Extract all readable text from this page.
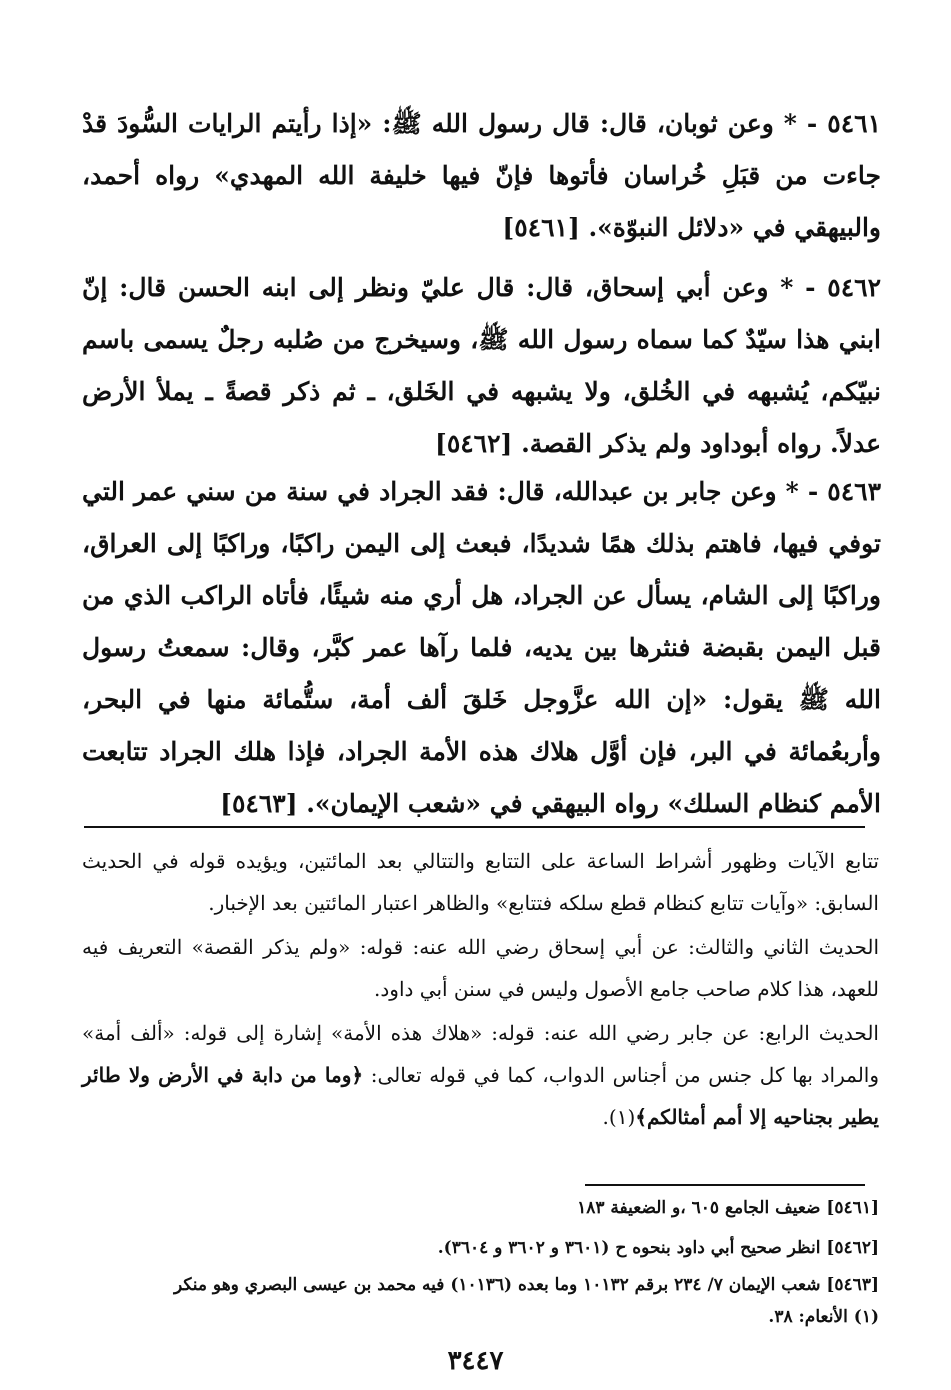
٥٤٦١ - * وعن ثوبان، قال: قال رسول الله ﷺ: «إذا رأيتم الرايات السُّودَ قدْ جاءت من قبَلِ خُراسان فأتوها فإنّ فيها خليفة الله المهدي» رواه أحمد، والبيهقي في «دلائل النبوّة». [٥٤٦١]

٥٤٦٢ - * وعن أبي إسحاق، قال: قال عليّ ونظر إلى ابنه الحسن قال: إنّ ابني هذا سيّدٌ كما سماه رسول الله ﷺ، وسيخرج من صُلبه رجلٌ يسمى باسم نبيّكم، يُشبهه في الخُلق، ولا يشبهه في الخَلق، ـ ثم ذكر قصةً ـ يملأ الأرض عدلاً. رواه أبوداود ولم يذكر القصة. [٥٤٦٢]

٥٤٦٣ - * وعن جابر بن عبدالله، قال: فقد الجراد في سنة من سني عمر التي توفي فيها، فاهتم بذلك همًا شديدًا، فبعث إلى اليمن راكبًا، وراكبًا إلى العراق، وراكبًا إلى الشام، يسأل عن الجراد، هل أري منه شيئًا، فأتاه الراكب الذي من قبل اليمن بقبضة فنثرها بين يديه، فلما رآها عمر كبَّر، وقال: سمعتُ رسول الله ﷺ يقول: «إن الله عزَّوجل خَلقَ ألف أمة، ستُّمائة منها في البحر، وأربعُمائة في البر، فإن أوَّل هلاك هذه الأمة الجراد، فإذا هلك الجراد تتابعت الأمم كنظام السلك» رواه البيهقي في «شعب الإيمان». [٥٤٦٣]

تتابع الآيات وظهور أشراط الساعة على التتابع والتتالي بعد المائتين، ويؤيده قوله في الحديث السابق: «وآيات تتابع كنظام قطع سلكه فتتابع» والظاهر اعتبار المائتين بعد الإخبار.

الحديث الثاني والثالث: عن أبي إسحاق رضي الله عنه: قوله: «ولم يذكر القصة» التعريف فيه للعهد، هذا كلام صاحب جامع الأصول وليس في سنن أبي داود.

الحديث الرابع: عن جابر رضي الله عنه: قوله: «هلاك هذه الأمة» إشارة إلى قوله: «ألف أمة» والمراد بها كل جنس من أجناس الدواب، كما في قوله تعالى: ﴿وما من دابة في الأرض ولا طائر يطير بجناحيه إلا أمم أمثالكم﴾(١).

[٥٤٦١] ضعيف الجامع ٦٠٥ ،و الضعيفة ١٨٣
[٥٤٦٢] انظر صحيح أبي داود بنحوه ح (٣٦٠١ و ٣٦٠٢ و ٣٦٠٤).
[٥٤٦٣] شعب الإيمان ٧/ ٢٣٤ برقم ١٠١٣٢ وما بعده (١٠١٣٦) فيه محمد بن عيسى البصري وهو منكر
(١) الأنعام: ٣٨.
٣٤٤٧
